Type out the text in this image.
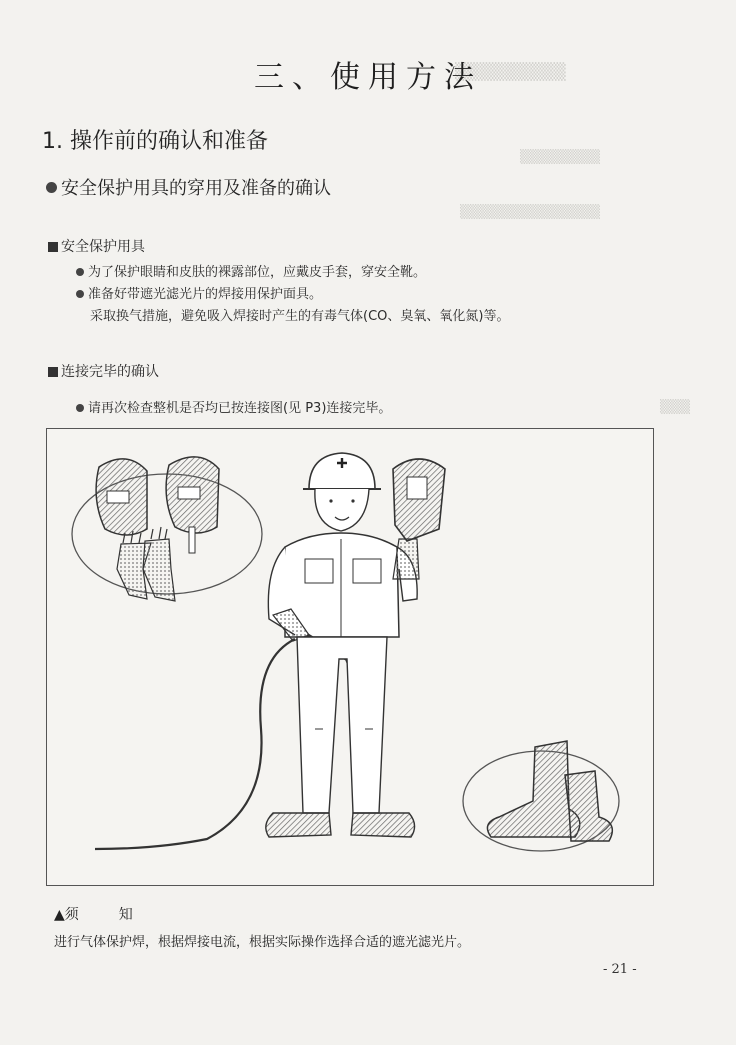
▒▒▒▒▒▒▒▒▒
▒▒▒▒▒▒▒▒
▒▒▒▒▒▒▒▒▒▒▒▒▒▒
▒▒▒
三、使用方法
1. 操作前的确认和准备
安全保护用具的穿用及准备的确认
安全保护用具
为了保护眼睛和皮肤的裸露部位，应戴皮手套，穿安全靴。
准备好带遮光滤光片的焊接用保护面具。
采取换气措施，避免吸入焊接时产生的有毒气体(CO、臭氧、氧化氮)等。
连接完毕的确认
请再次检查整机是否均已按连接图(见 P3)连接完毕。
▲须	知
进行气体保护焊，根据焊接电流，根据实际操作选择合适的遮光滤光片。
- 21 -
